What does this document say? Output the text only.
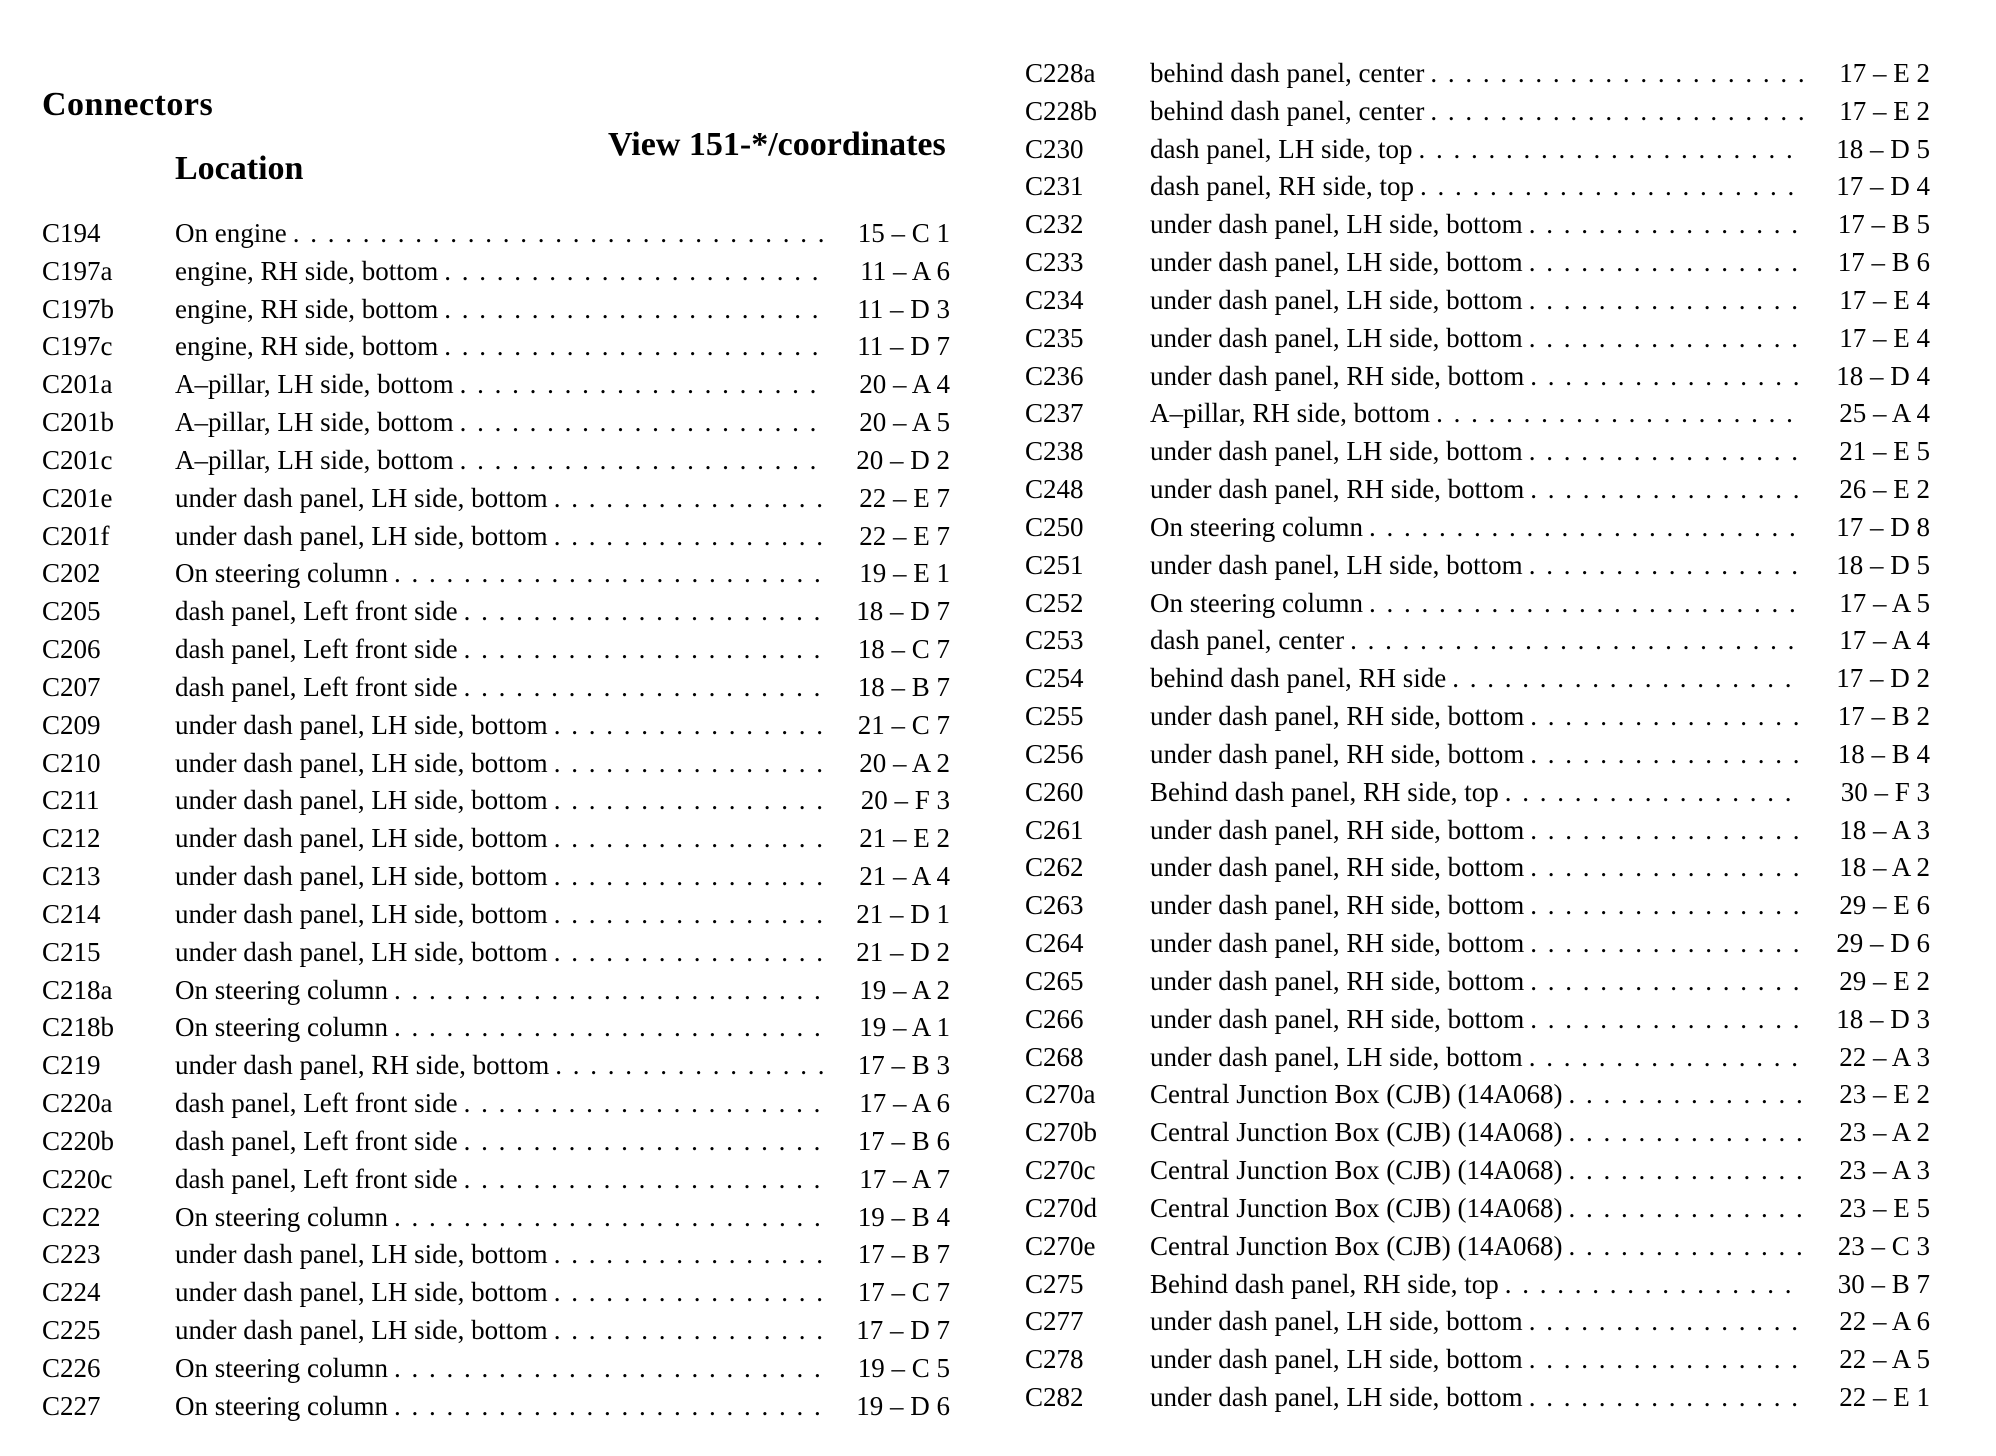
Connectors
Location
View 151-*/coordinates
C194	On engine . . .	15 – C 1
C197a	engine, RH side, bottom . . .	11 – A 6
C197b	engine, RH side, bottom . . .	11 – D 3
C197c	engine, RH side, bottom . . .	11 – D 7
C201a	A–pillar, LH side, bottom . . .	20 – A 4
C201b	A–pillar, LH side, bottom . . .	20 – A 5
C201c	A–pillar, LH side, bottom . . .	20 – D 2
C201e	under dash panel, LH side, bottom . . .	22 – E 7
C201f	under dash panel, LH side, bottom . . .	22 – E 7
C202	On steering column . . .	19 – E 1
C205	dash panel, Left front side . . .	18 – D 7
C206	dash panel, Left front side . . .	18 – C 7
C207	dash panel, Left front side . . .	18 – B 7
C209	under dash panel, LH side, bottom . . .	21 – C 7
C210	under dash panel, LH side, bottom . . .	20 – A 2
C211	under dash panel, LH side, bottom . . .	20 – F 3
C212	under dash panel, LH side, bottom . . .	21 – E 2
C213	under dash panel, LH side, bottom . . .	21 – A 4
C214	under dash panel, LH side, bottom . . .	21 – D 1
C215	under dash panel, LH side, bottom . . .	21 – D 2
C218a	On steering column . . .	19 – A 2
C218b	On steering column . . .	19 – A 1
C219	under dash panel, RH side, bottom . . .	17 – B 3
C220a	dash panel, Left front side . . .	17 – A 6
C220b	dash panel, Left front side . . .	17 – B 6
C220c	dash panel, Left front side . . .	17 – A 7
C222	On steering column . . .	19 – B 4
C223	under dash panel, LH side, bottom . . .	17 – B 7
C224	under dash panel, LH side, bottom . . .	17 – C 7
C225	under dash panel, LH side, bottom . . .	17 – D 7
C226	On steering column . . .	19 – C 5
C227	On steering column . . .	19 – D 6
C228a	behind dash panel, center . . .	17 – E 2
C228b	behind dash panel, center . . .	17 – E 2
C230	dash panel, LH side, top . . .	18 – D 5
C231	dash panel, RH side, top . . .	17 – D 4
C232	under dash panel, LH side, bottom . . .	17 – B 5
C233	under dash panel, LH side, bottom . . .	17 – B 6
C234	under dash panel, LH side, bottom . . .	17 – E 4
C235	under dash panel, LH side, bottom . . .	17 – E 4
C236	under dash panel, RH side, bottom . . .	18 – D 4
C237	A–pillar, RH side, bottom . . .	25 – A 4
C238	under dash panel, LH side, bottom . . .	21 – E 5
C248	under dash panel, RH side, bottom . . .	26 – E 2
C250	On steering column . . .	17 – D 8
C251	under dash panel, LH side, bottom . . .	18 – D 5
C252	On steering column . . .	17 – A 5
C253	dash panel, center . . .	17 – A 4
C254	behind dash panel, RH side . . .	17 – D 2
C255	under dash panel, RH side, bottom . . .	17 – B 2
C256	under dash panel, RH side, bottom . . .	18 – B 4
C260	Behind dash panel, RH side, top . . .	30 – F 3
C261	under dash panel, RH side, bottom . . .	18 – A 3
C262	under dash panel, RH side, bottom . . .	18 – A 2
C263	under dash panel, RH side, bottom . . .	29 – E 6
C264	under dash panel, RH side, bottom . . .	29 – D 6
C265	under dash panel, RH side, bottom . . .	29 – E 2
C266	under dash panel, RH side, bottom . . .	18 – D 3
C268	under dash panel, LH side, bottom . . .	22 – A 3
C270a	Central Junction Box (CJB) (14A068) . . .	23 – E 2
C270b	Central Junction Box (CJB) (14A068) . . .	23 – A 2
C270c	Central Junction Box (CJB) (14A068) . . .	23 – A 3
C270d	Central Junction Box (CJB) (14A068) . . .	23 – E 5
C270e	Central Junction Box (CJB) (14A068) . . .	23 – C 3
C275	Behind dash panel, RH side, top . . .	30 – B 7
C277	under dash panel, LH side, bottom . . .	22 – A 6
C278	under dash panel, LH side, bottom . . .	22 – A 5
C282	under dash panel, LH side, bottom . . .	22 – E 1
